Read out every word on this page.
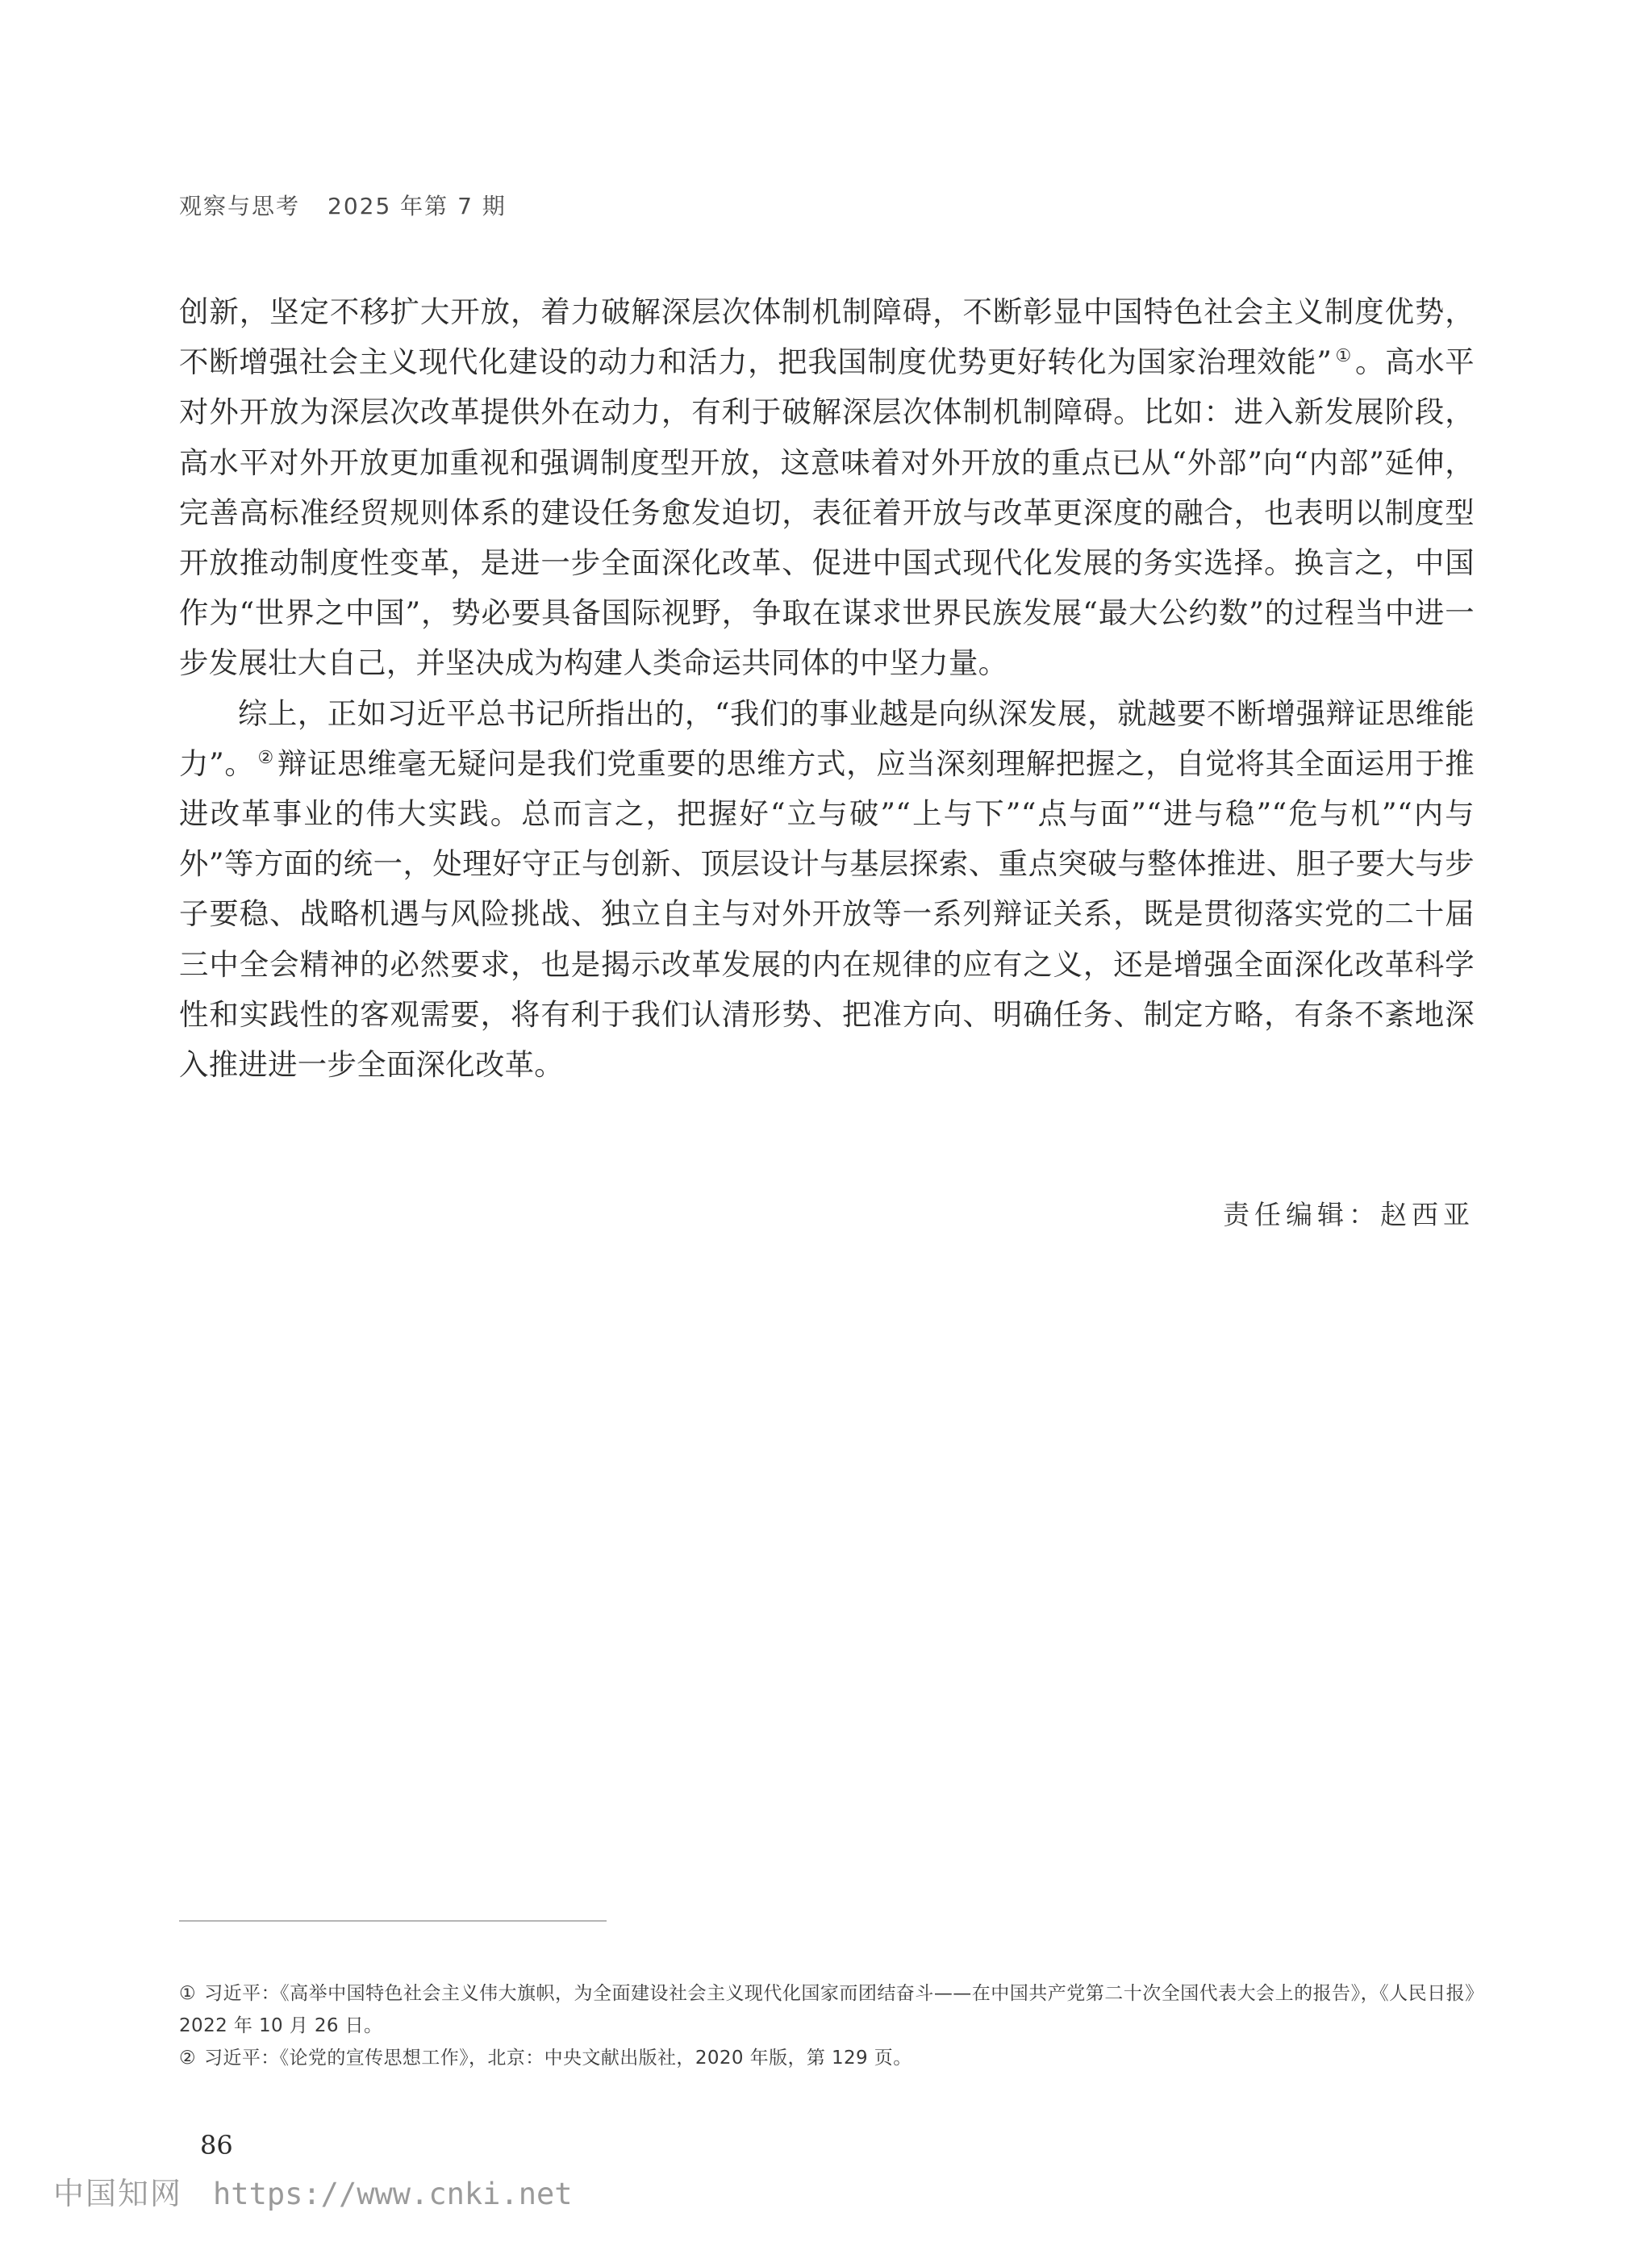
观察与思考 2025 年第 7 期

创新，坚定不移扩大开放，着力破解深层次体制机制障碍，不断彰显中国特色社会主义制度优势，不断增强社会主义现代化建设的动力和活力，把我国制度优势更好转化为国家治理效能” ① 。高水平对外开放为深层次改革提供外在动力，有利于破解深层次体制机制障碍。比如：进入新发展阶段，高水平对外开放更加重视和强调制度型开放，这意味着对外开放的重点已从“外部”向“内部”延伸，完善高标准经贸规则体系的建设任务愈发迫切，表征着开放与改革更深度的融合，也表明以制度型开放推动制度性变革，是进一步全面深化改革、促进中国式现代化发展的务实选择。换言之，中国作为“世界之中国”，势必要具备国际视野，争取在谋求世界民族发展“最大公约数”的过程当中进一步发展壮大自己，并坚决成为构建人类命运共同体的中坚力量。

综上，正如习近平总书记所指出的，“我们的事业越是向纵深发展，就越要不断增强辩证思维能力”。 ② 辩证思维毫无疑问是我们党重要的思维方式，应当深刻理解把握之，自觉将其全面运用于推进改革事业的伟大实践。总而言之，把握好“立与破”“上与下”“点与面”“进与稳”“危与机”“内与外”等方面的统一，处理好守正与创新、顶层设计与基层探索、重点突破与整体推进、胆子要大与步子要稳、战略机遇与风险挑战、独立自主与对外开放等一系列辩证关系，既是贯彻落实党的二十届三中全会精神的必然要求，也是揭示改革发展的内在规律的应有之义，还是增强全面深化改革科学性和实践性的客观需要，将有利于我们认清形势、把准方向、明确任务、制定方略，有条不紊地深入推进进一步全面深化改革。

责任编辑：赵西亚

① 习近平：《高举中国特色社会主义伟大旗帜，为全面建设社会主义现代化国家而团结奋斗——在中国共产党第二十次全国代表大会上的报告》，《人民日报》2022 年 10 月 26 日。

② 习近平：《论党的宣传思想工作》，北京：中央文献出版社，2020 年版，第 129 页。

86
中国知网 https://www.cnki.net
